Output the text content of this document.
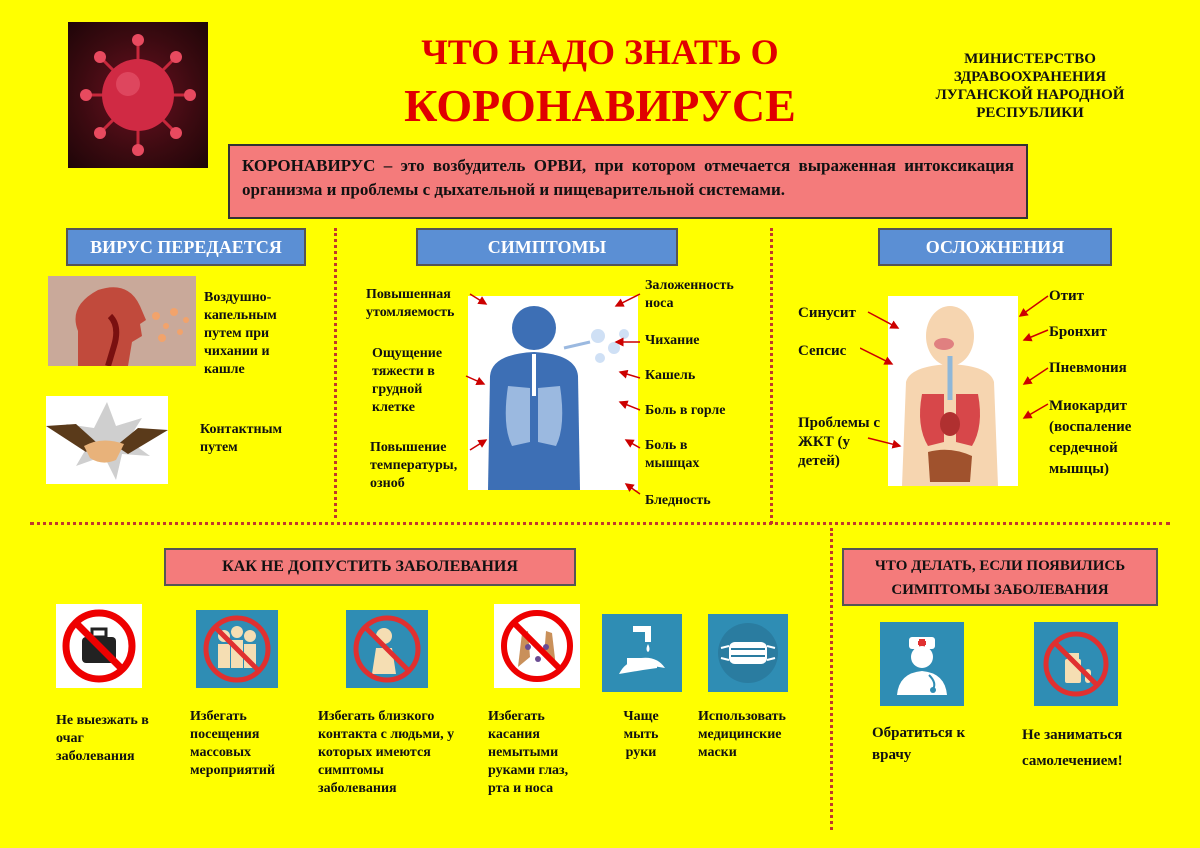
ЧТО НАДО ЗНАТЬ О
КОРОНАВИРУСЕ
МИНИСТЕРСТВО ЗДРАВООХРАНЕНИЯ ЛУГАНСКОЙ НАРОДНОЙ РЕСПУБЛИКИ
КОРОНАВИРУС – это возбудитель ОРВИ, при котором отмечается выраженная интоксикация организма и проблемы с дыхательной и пищеварительной системами.
ВИРУС ПЕРЕДАЕТСЯ
Воздушно-капельным путем при чихании и кашле
Контактным путем
СИМПТОМЫ
Повышенная утомляемость
Ощущение тяжести в грудной клетке
Повышение температуры, озноб
Заложенность носа
Чихание
Кашель
Боль в горле
Боль в мышцах
Бледность
ОСЛОЖНЕНИЯ
Синусит
Сепсис
Проблемы с ЖКТ (у детей)
Отит
Бронхит
Пневмония
Миокардит (воспаление сердечной мышцы)
КАК НЕ ДОПУСТИТЬ ЗАБОЛЕВАНИЯ
Не выезжать в очаг заболевания
Избегать посещения массовых мероприятий
Избегать близкого контакта с людьми, у которых имеются симптомы заболевания
Избегать касания немытыми руками глаз, рта и носа
Чаще мыть руки
Использовать медицинские маски
ЧТО ДЕЛАТЬ, ЕСЛИ ПОЯВИЛИСЬ СИМПТОМЫ ЗАБОЛЕВАНИЯ
Обратиться к врачу
Не заниматься самолечением!
